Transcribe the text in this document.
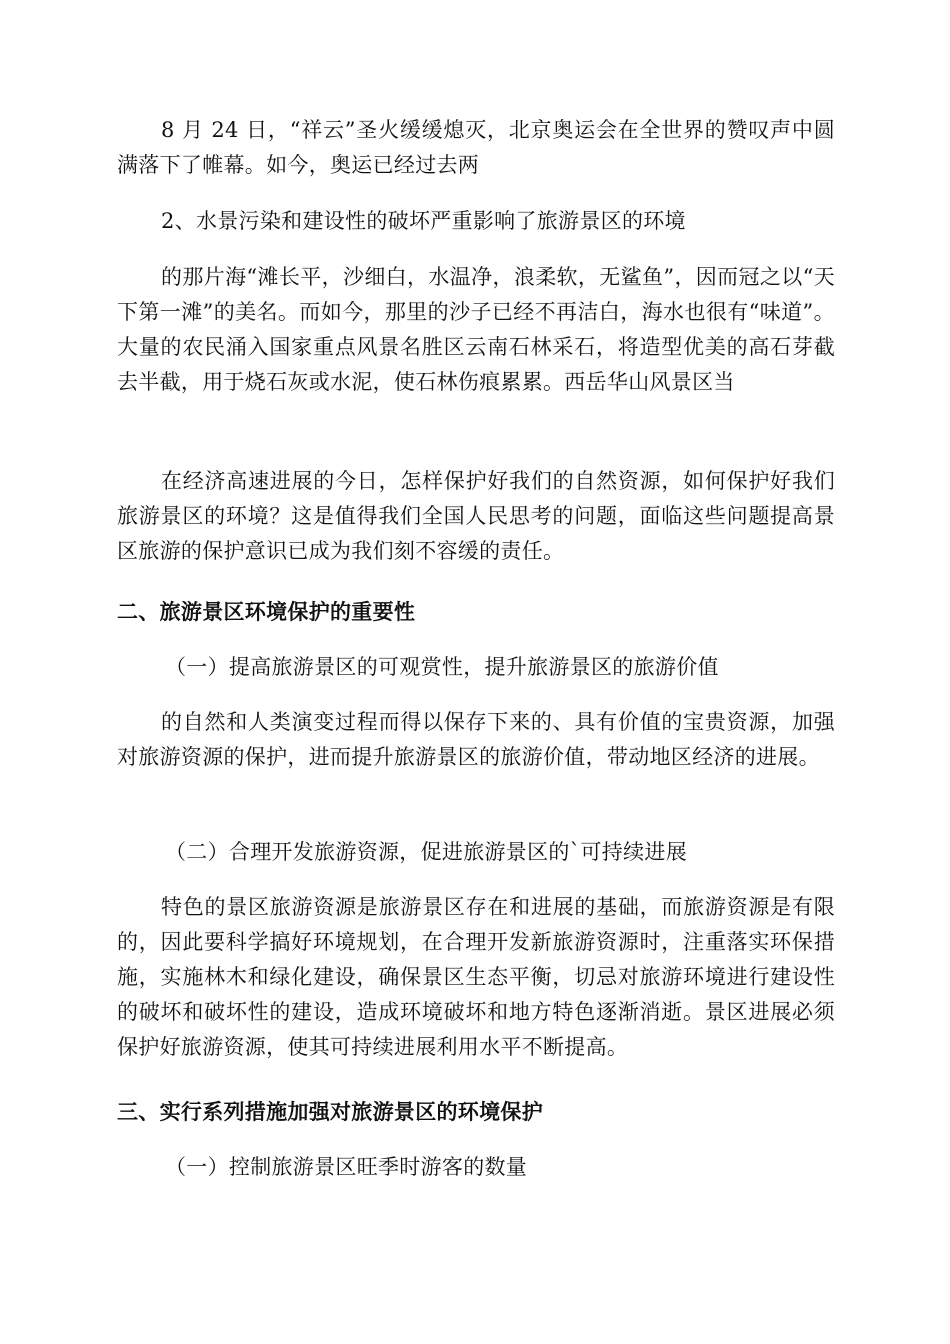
8 月 24 日，“祥云”圣火缓缓熄灭，北京奥运会在全世界的赞叹声中圆满落下了帷幕。如今，奥运已经过去两

2、水景污染和建设性的破坏严重影响了旅游景区的环境

的那片海“滩长平，沙细白，水温净，浪柔软，无鲨鱼”，因而冠之以“天下第一滩”的美名。而如今，那里的沙子已经不再洁白，海水也很有“味道”。大量的农民涌入国家重点风景名胜区云南石林采石，将造型优美的高石芽截去半截，用于烧石灰或水泥，使石林伤痕累累。西岳华山风景区当

在经济高速进展的今日，怎样保护好我们的自然资源，如何保护好我们旅游景区的环境？这是值得我们全国人民思考的问题，面临这些问题提高景区旅游的保护意识已成为我们刻不容缓的责任。

二、旅游景区环境保护的重要性

（一）提高旅游景区的可观赏性，提升旅游景区的旅游价值

的自然和人类演变过程而得以保存下来的、具有价值的宝贵资源，加强对旅游资源的保护，进而提升旅游景区的旅游价值，带动地区经济的进展。

（二）合理开发旅游资源，促进旅游景区的`可持续进展

特色的景区旅游资源是旅游景区存在和进展的基础，而旅游资源是有限的，因此要科学搞好环境规划，在合理开发新旅游资源时，注重落实环保措施，实施林木和绿化建设，确保景区生态平衡，切忌对旅游环境进行建设性的破坏和破坏性的建设，造成环境破坏和地方特色逐渐消逝。景区进展必须保护好旅游资源，使其可持续进展利用水平不断提高。

三、实行系列措施加强对旅游景区的环境保护

（一）控制旅游景区旺季时游客的数量
